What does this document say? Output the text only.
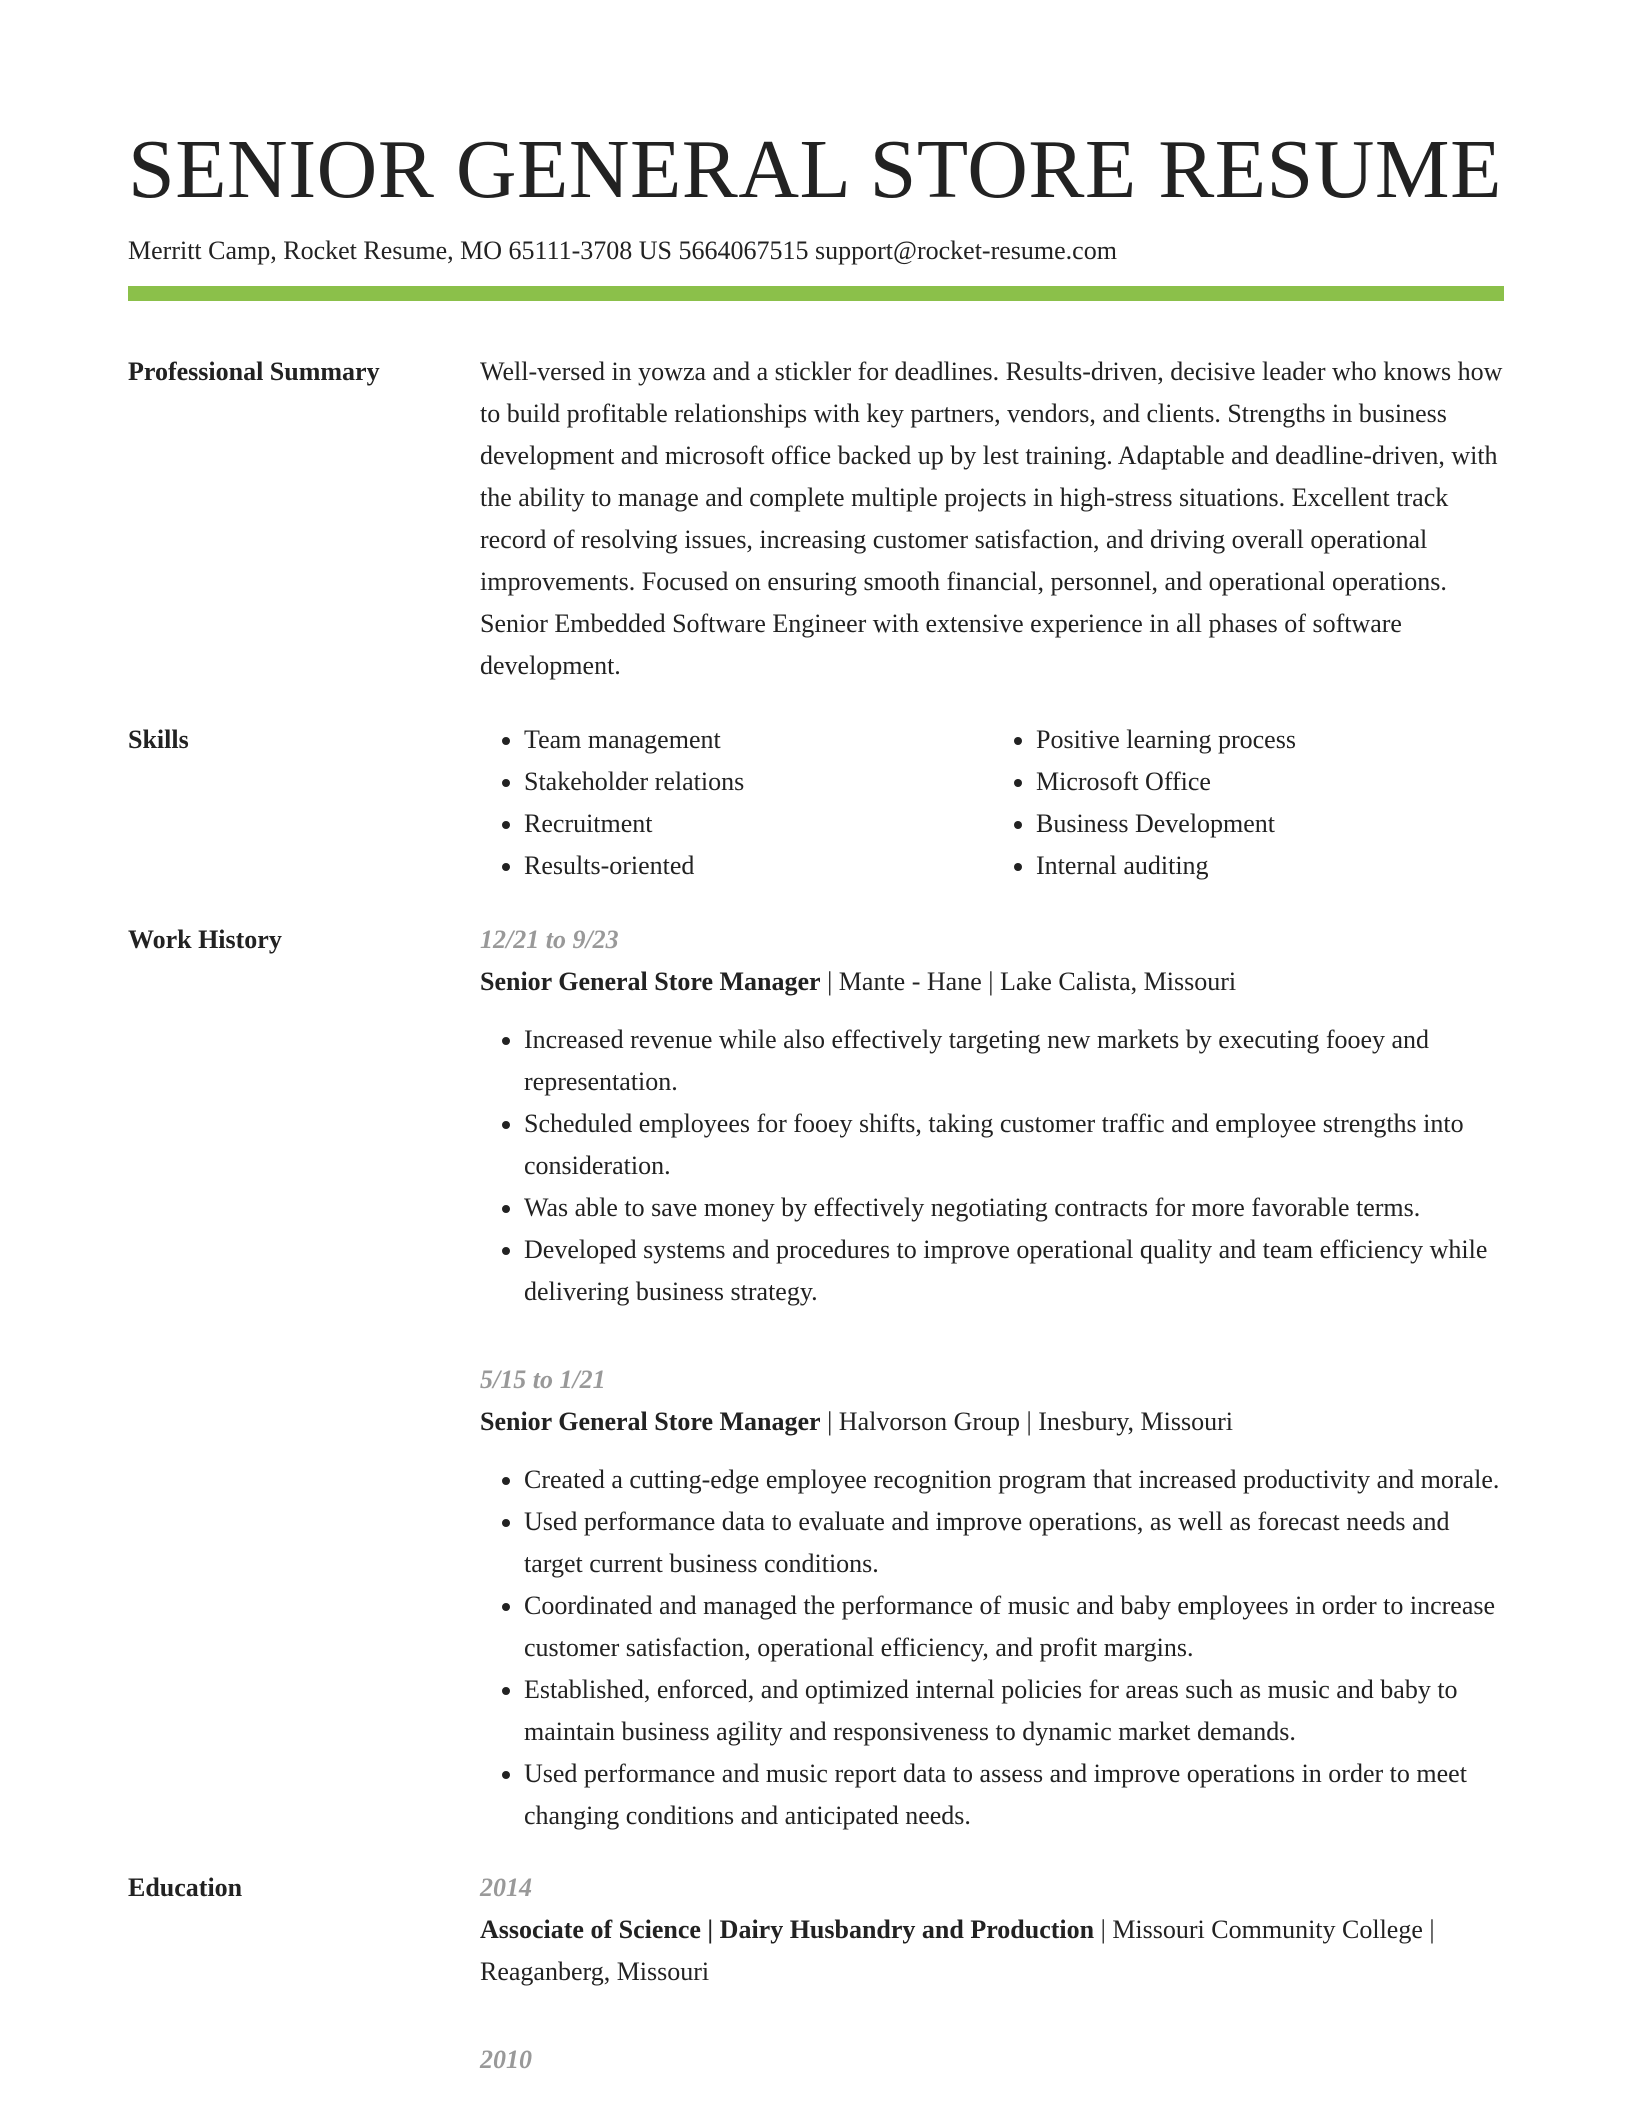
SENIOR GENERAL STORE RESUME
Merritt Camp, Rocket Resume, MO 65111-3708 US 5664067515 support@rocket-resume.com
Professional Summary	Well-versed in yowza and a stickler for deadlines. Results-driven, decisive leader who knows how to build profitable relationships with key partners, vendors, and clients. Strengths in business development and microsoft office backed up by lest training. Adaptable and deadline-driven, with the ability to manage and complete multiple projects in high-stress situations. Excellent track record of resolving issues, increasing customer satisfaction, and driving overall operational improvements. Focused on ensuring smooth financial, personnel, and operational operations. Senior Embedded Software Engineer with extensive experience in all phases of software development.
Skills
•	Team management
• Stakeholder relations
• Recruitment
• Results-oriented
• Positive learning process
• Microsoft Office
• Business Development
• Internal auditing
Work History	12/21 to 9/23
Senior General Store Manager | Mante - Hane | Lake Calista, Missouri
• Increased revenue while also effectively targeting new markets by executing fooey and representation.
• Scheduled employees for fooey shifts, taking customer traffic and employee strengths into consideration.
• Was able to save money by effectively negotiating contracts for more favorable terms.
• Developed systems and procedures to improve operational quality and team efficiency while delivering business strategy.
5/15 to 1/21
Senior General Store Manager | Halvorson Group | Inesbury, Missouri
• Created a cutting-edge employee recognition program that increased productivity and morale.
• Used performance data to evaluate and improve operations, as well as forecast needs and target current business conditions.
• Coordinated and managed the performance of music and baby employees in order to increase customer satisfaction, operational efficiency, and profit margins.
• Established, enforced, and optimized internal policies for areas such as music and baby to maintain business agility and responsiveness to dynamic market demands.
• Used performance and music report data to assess and improve operations in order to meet changing conditions and anticipated needs.
Education	2014
Associate of Science | Dairy Husbandry and Production | Missouri Community College | Reaganberg, Missouri
2010
